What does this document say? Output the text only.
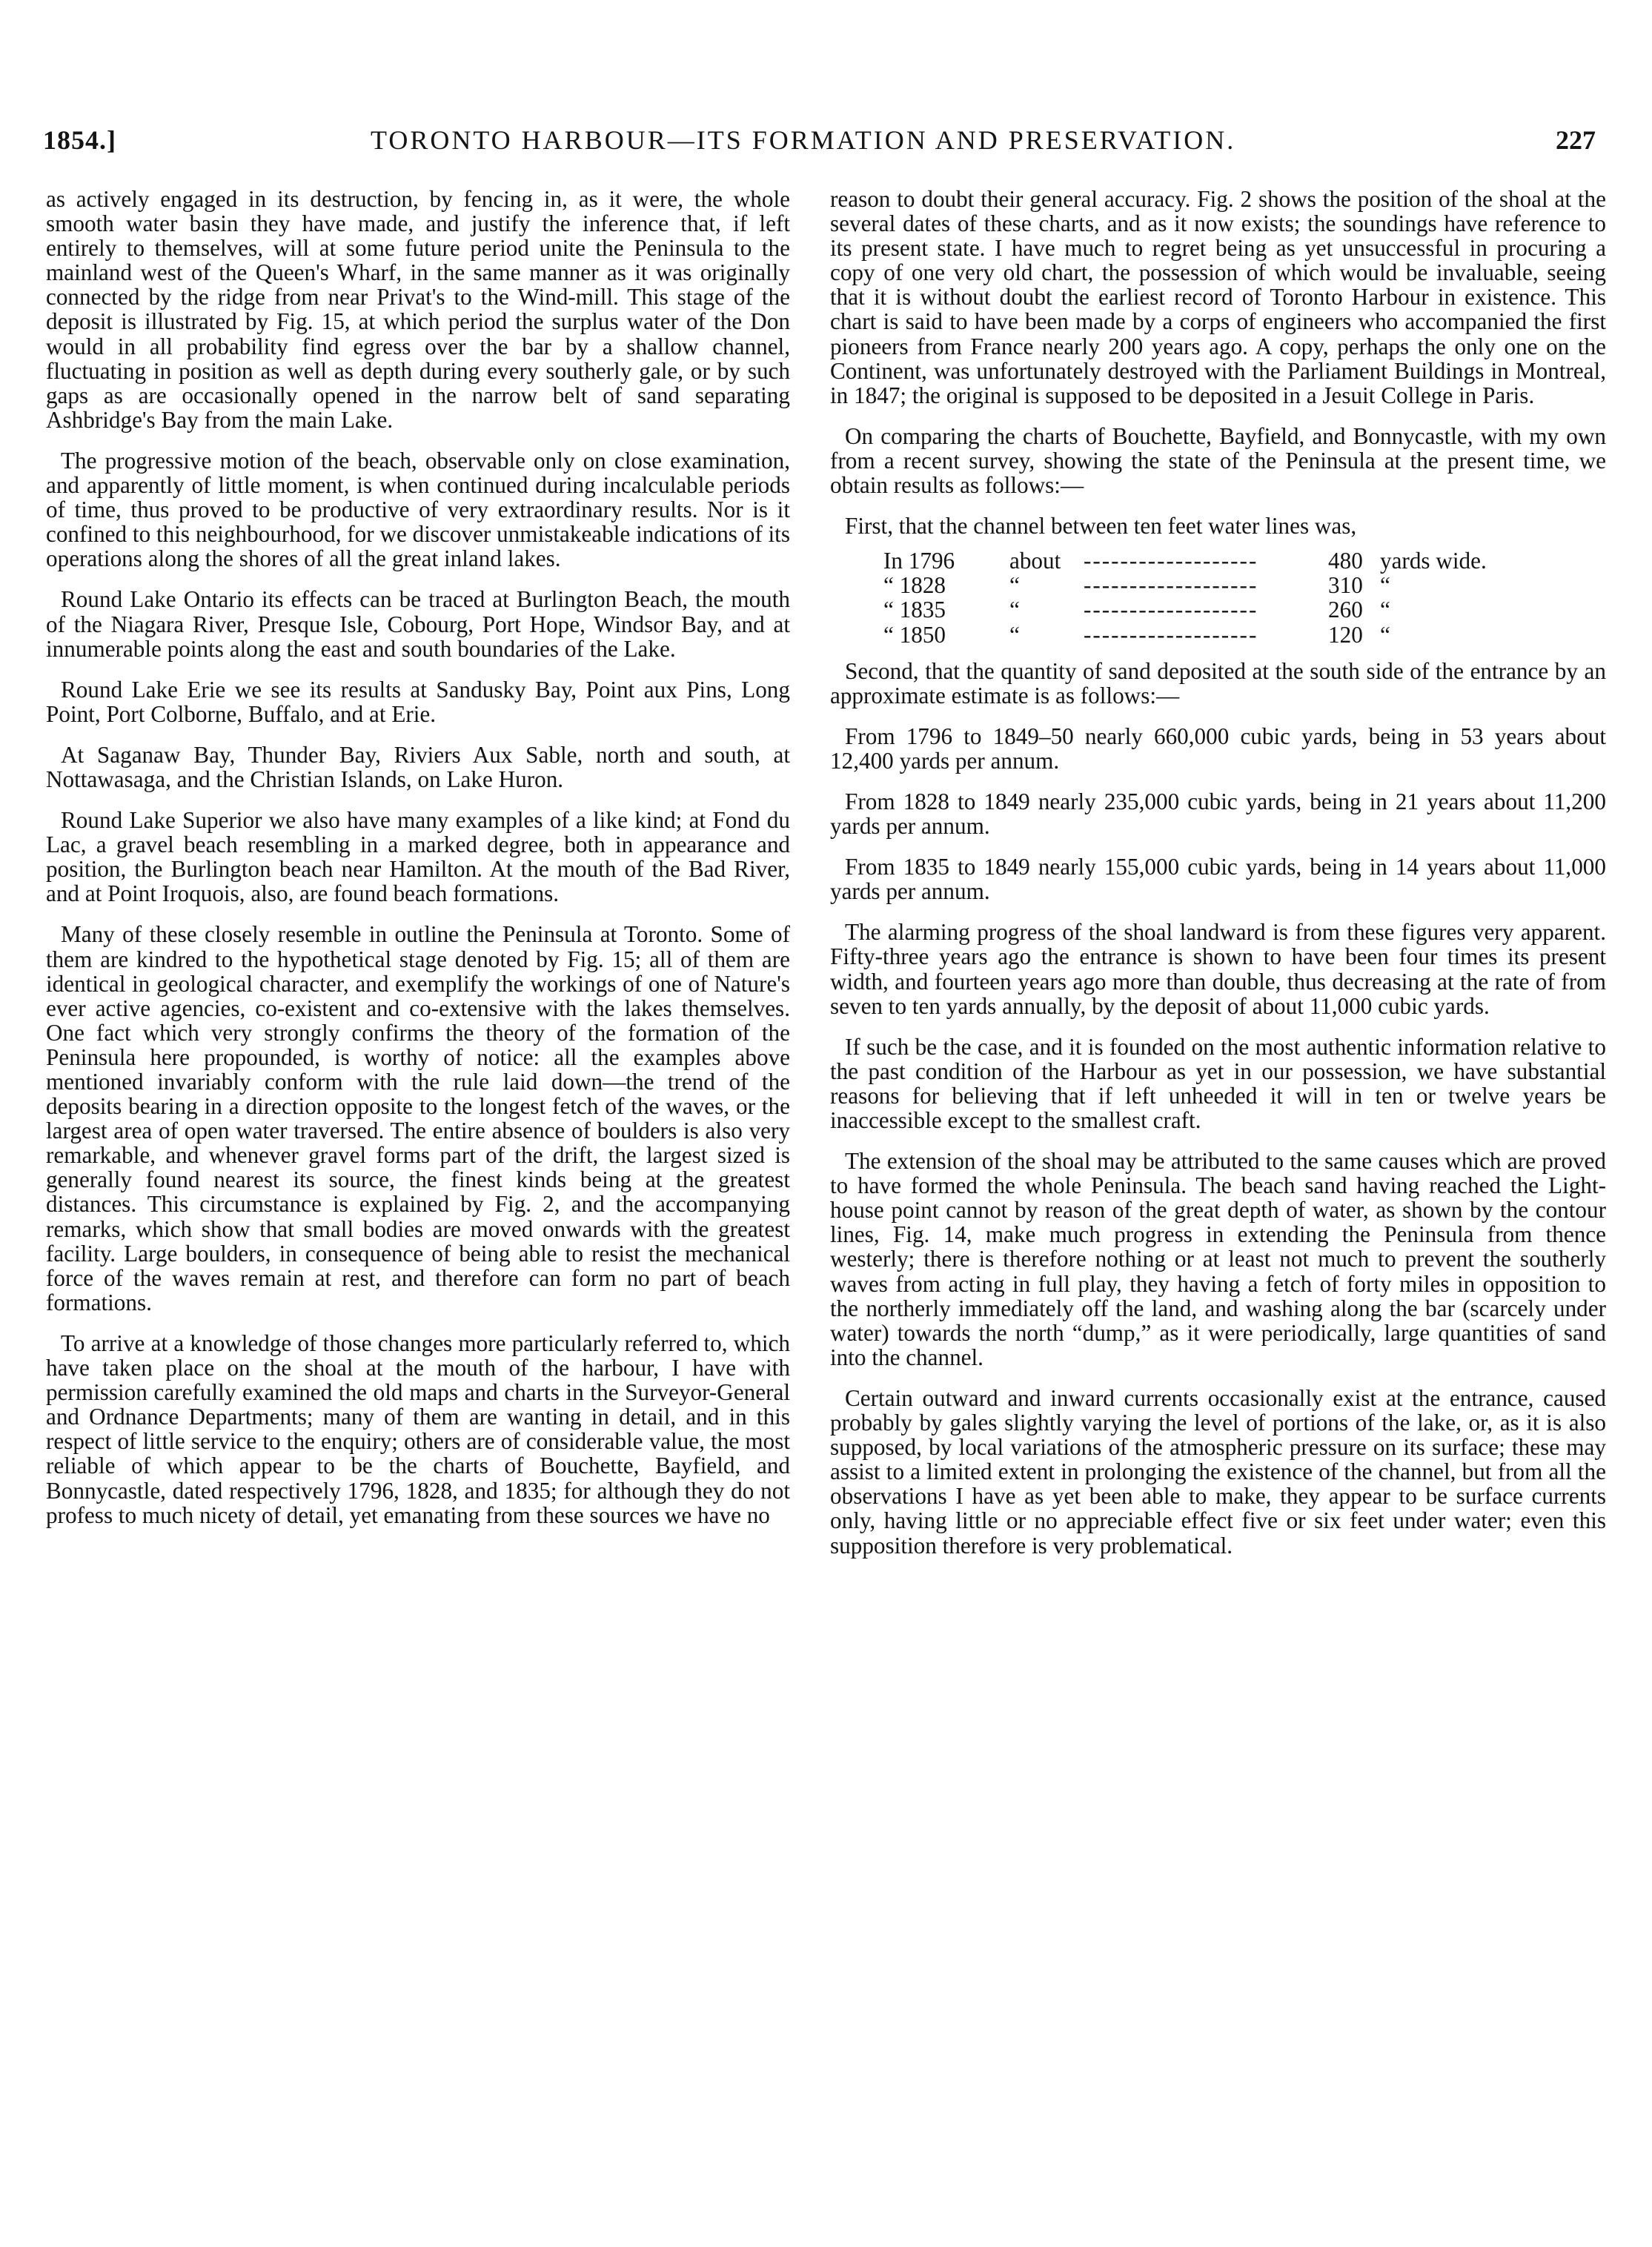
1854.]	TORONTO HARBOUR—ITS FORMATION AND PRESERVATION.	227

as actively engaged in its destruction, by fencing in, as it were, the whole smooth water basin they have made, and justify the inference that, if left entirely to themselves, will at some future period unite the Peninsula to the mainland west of the Queen's Wharf, in the same manner as it was originally connected by the ridge from near Privat's to the Wind-mill. This stage of the deposit is illustrated by Fig. 15, at which period the surplus water of the Don would in all probability find egress over the bar by a shallow channel, fluctuating in position as well as depth during every southerly gale, or by such gaps as are occasionally opened in the narrow belt of sand separating Ashbridge's Bay from the main Lake.

The progressive motion of the beach, observable only on close examination, and apparently of little moment, is when continued during incalculable periods of time, thus proved to be productive of very extraordinary results. Nor is it confined to this neighbourhood, for we discover unmistakeable indications of its operations along the shores of all the great inland lakes.

Round Lake Ontario its effects can be traced at Burlington Beach, the mouth of the Niagara River, Presque Isle, Cobourg, Port Hope, Windsor Bay, and at innumerable points along the east and south boundaries of the Lake.

Round Lake Erie we see its results at Sandusky Bay, Point aux Pins, Long Point, Port Colborne, Buffalo, and at Erie.

At Saganaw Bay, Thunder Bay, Riviers Aux Sable, north and south, at Nottawasaga, and the Christian Islands, on Lake Huron.

Round Lake Superior we also have many examples of a like kind; at Fond du Lac, a gravel beach resembling in a marked degree, both in appearance and position, the Burlington beach near Hamilton. At the mouth of the Bad River, and at Point Iroquois, also, are found beach formations.

Many of these closely resemble in outline the Peninsula at Toronto. Some of them are kindred to the hypothetical stage denoted by Fig. 15; all of them are identical in geological character, and exemplify the workings of one of Nature's ever active agencies, co-existent and co-extensive with the lakes themselves. One fact which very strongly confirms the theory of the formation of the Peninsula here propounded, is worthy of notice: all the examples above mentioned invariably conform with the rule laid down—the trend of the deposits bearing in a direction opposite to the longest fetch of the waves, or the largest area of open water traversed. The entire absence of boulders is also very remarkable, and whenever gravel forms part of the drift, the largest sized is generally found nearest its source, the finest kinds being at the greatest distances. This circumstance is explained by Fig. 2, and the accompanying remarks, which show that small bodies are moved onwards with the greatest facility. Large boulders, in consequence of being able to resist the mechanical force of the waves remain at rest, and therefore can form no part of beach formations.

To arrive at a knowledge of those changes more particularly referred to, which have taken place on the shoal at the mouth of the harbour, I have with permission carefully examined the old maps and charts in the Surveyor-General and Ordnance Departments; many of them are wanting in detail, and in this respect of little service to the enquiry; others are of considerable value, the most reliable of which appear to be the charts of Bouchette, Bayfield, and Bonnycastle, dated respectively 1796, 1828, and 1835; for although they do not profess to much nicety of detail, yet emanating from these sources we have no

reason to doubt their general accuracy. Fig. 2 shows the position of the shoal at the several dates of these charts, and as it now exists; the soundings have reference to its present state. I have much to regret being as yet unsuccessful in procuring a copy of one very old chart, the possession of which would be invaluable, seeing that it is without doubt the earliest record of Toronto Harbour in existence. This chart is said to have been made by a corps of engineers who accompanied the first pioneers from France nearly 200 years ago. A copy, perhaps the only one on the Continent, was unfortunately destroyed with the Parliament Buildings in Montreal, in 1847; the original is supposed to be deposited in a Jesuit College in Paris.

On comparing the charts of Bouchette, Bayfield, and Bonnycastle, with my own from a recent survey, showing the state of the Peninsula at the present time, we obtain results as follows:—

First, that the channel between ten feet water lines was,

In 1796	about	-------------------	480	yards wide.
“ 1828	“	-------------------	310	“
“ 1835	“	-------------------	260	“
“ 1850	“	-------------------	120	“

Second, that the quantity of sand deposited at the south side of the entrance by an approximate estimate is as follows:—

From 1796 to 1849–50 nearly 660,000 cubic yards, being in 53 years about 12,400 yards per annum.

From 1828 to 1849 nearly 235,000 cubic yards, being in 21 years about 11,200 yards per annum.

From 1835 to 1849 nearly 155,000 cubic yards, being in 14 years about 11,000 yards per annum.

The alarming progress of the shoal landward is from these figures very apparent. Fifty-three years ago the entrance is shown to have been four times its present width, and fourteen years ago more than double, thus decreasing at the rate of from seven to ten yards annually, by the deposit of about 11,000 cubic yards.

If such be the case, and it is founded on the most authentic information relative to the past condition of the Harbour as yet in our possession, we have substantial reasons for believing that if left unheeded it will in ten or twelve years be inaccessible except to the smallest craft.

The extension of the shoal may be attributed to the same causes which are proved to have formed the whole Peninsula. The beach sand having reached the Light-house point cannot by reason of the great depth of water, as shown by the contour lines, Fig. 14, make much progress in extending the Peninsula from thence westerly; there is therefore nothing or at least not much to prevent the southerly waves from acting in full play, they having a fetch of forty miles in opposition to the northerly immediately off the land, and washing along the bar (scarcely under water) towards the north “dump,” as it were periodically, large quantities of sand into the channel.

Certain outward and inward currents occasionally exist at the entrance, caused probably by gales slightly varying the level of portions of the lake, or, as it is also supposed, by local variations of the atmospheric pressure on its surface; these may assist to a limited extent in prolonging the existence of the channel, but from all the observations I have as yet been able to make, they appear to be surface currents only, having little or no appreciable effect five or six feet under water; even this supposition therefore is very problematical.
